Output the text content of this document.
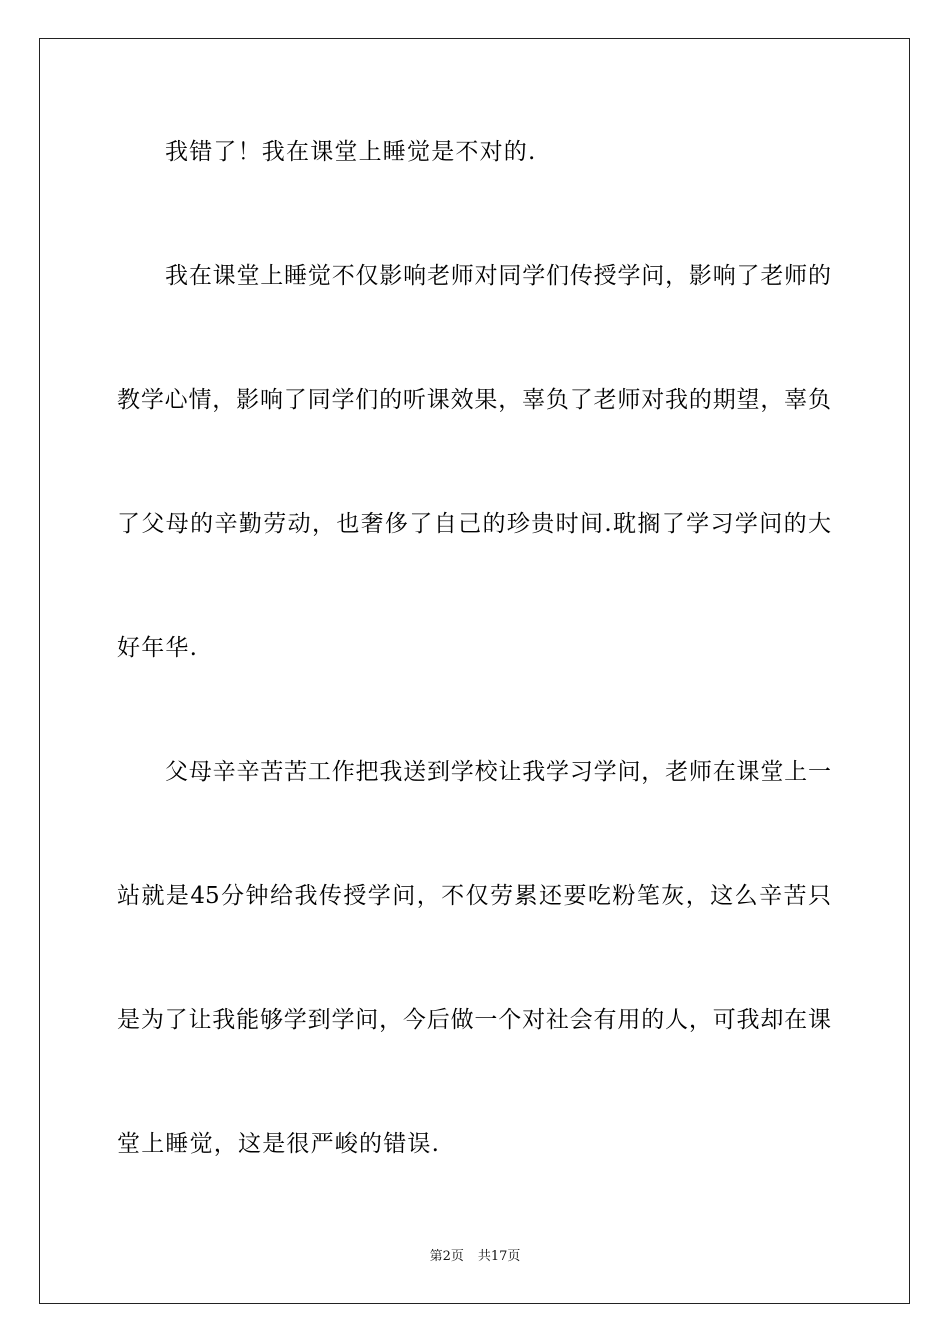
我错了！我在课堂上睡觉是不对的.
我在课堂上睡觉不仅影响老师对同学们传授学问，影响了老师的
教学心情，影响了同学们的听课效果，辜负了老师对我的期望，辜负
了父母的辛勤劳动，也奢侈了自己的珍贵时间.耽搁了学习学问的大
好年华.
父母辛辛苦苦工作把我送到学校让我学习学问，老师在课堂上一
站就是45分钟给我传授学问，不仅劳累还要吃粉笔灰，这么辛苦只
是为了让我能够学到学问，今后做一个对社会有用的人，可我却在课
堂上睡觉，这是很严峻的错误.
第2页 共17页
